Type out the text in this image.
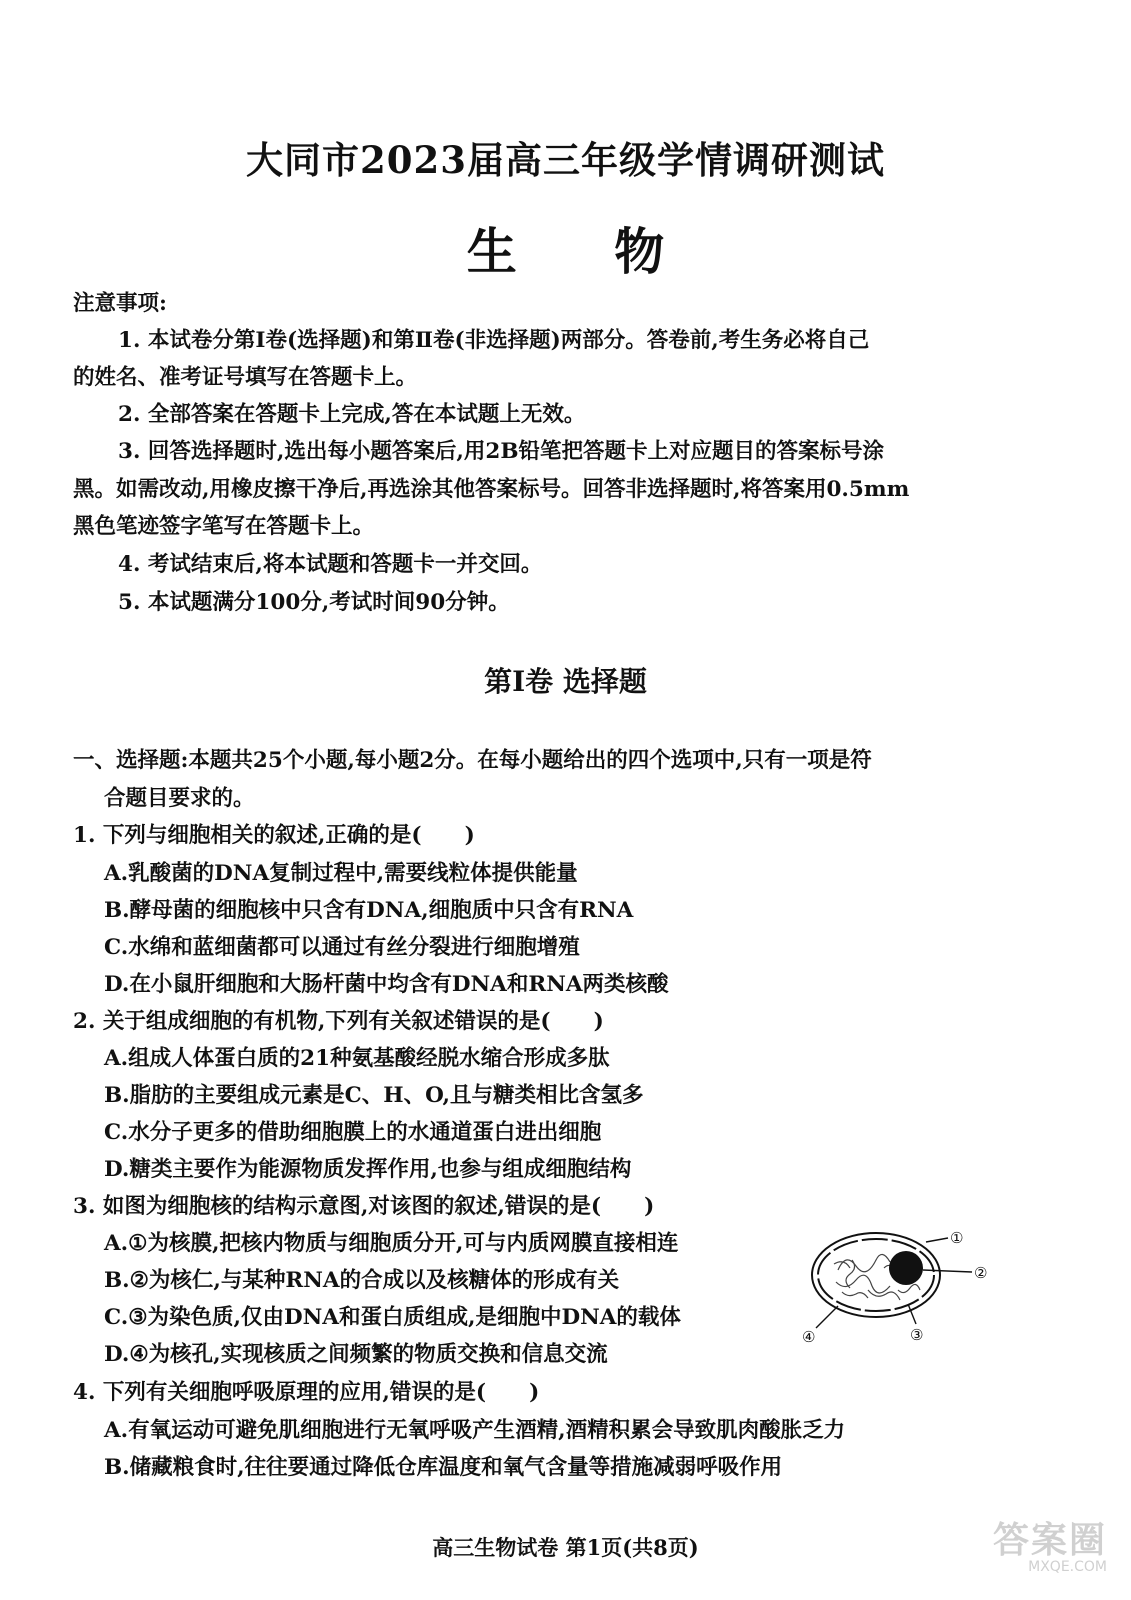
大同市2023届高三年级学情调研测试
生 物
注意事项:
1. 本试卷分第Ⅰ卷(选择题)和第Ⅱ卷(非选择题)两部分。答卷前,考生务必将自己
的姓名、准考证号填写在答题卡上。
2. 全部答案在答题卡上完成,答在本试题上无效。
3. 回答选择题时,选出每小题答案后,用2B铅笔把答题卡上对应题目的答案标号涂
黑。如需改动,用橡皮擦干净后,再选涂其他答案标号。回答非选择题时,将答案用0.5mm
黑色笔迹签字笔写在答题卡上。
4. 考试结束后,将本试题和答题卡一并交回。
5. 本试题满分100分,考试时间90分钟。
第Ⅰ卷 选择题
一、选择题:本题共25个小题,每小题2分。在每小题给出的四个选项中,只有一项是符
合题目要求的。
1. 下列与细胞相关的叙述,正确的是(　　)
A.乳酸菌的DNA复制过程中,需要线粒体提供能量
B.酵母菌的细胞核中只含有DNA,细胞质中只含有RNA
C.水绵和蓝细菌都可以通过有丝分裂进行细胞增殖
D.在小鼠肝细胞和大肠杆菌中均含有DNA和RNA两类核酸
2. 关于组成细胞的有机物,下列有关叙述错误的是(　　)
A.组成人体蛋白质的21种氨基酸经脱水缩合形成多肽
B.脂肪的主要组成元素是C、H、O,且与糖类相比含氢多
C.水分子更多的借助细胞膜上的水通道蛋白进出细胞
D.糖类主要作为能源物质发挥作用,也参与组成细胞结构
3. 如图为细胞核的结构示意图,对该图的叙述,错误的是(　　)
A.①为核膜,把核内物质与细胞质分开,可与内质网膜直接相连
B.②为核仁,与某种RNA的合成以及核糖体的形成有关
C.③为染色质,仅由DNA和蛋白质组成,是细胞中DNA的载体
D.④为核孔,实现核质之间频繁的物质交换和信息交流
①
②
③
④
4. 下列有关细胞呼吸原理的应用,错误的是(　　)
A.有氧运动可避免肌细胞进行无氧呼吸产生酒精,酒精积累会导致肌肉酸胀乏力
B.储藏粮食时,往往要通过降低仓库温度和氧气含量等措施减弱呼吸作用
高三生物试卷 第1页(共8页)	答案圈
MXQE.COM
